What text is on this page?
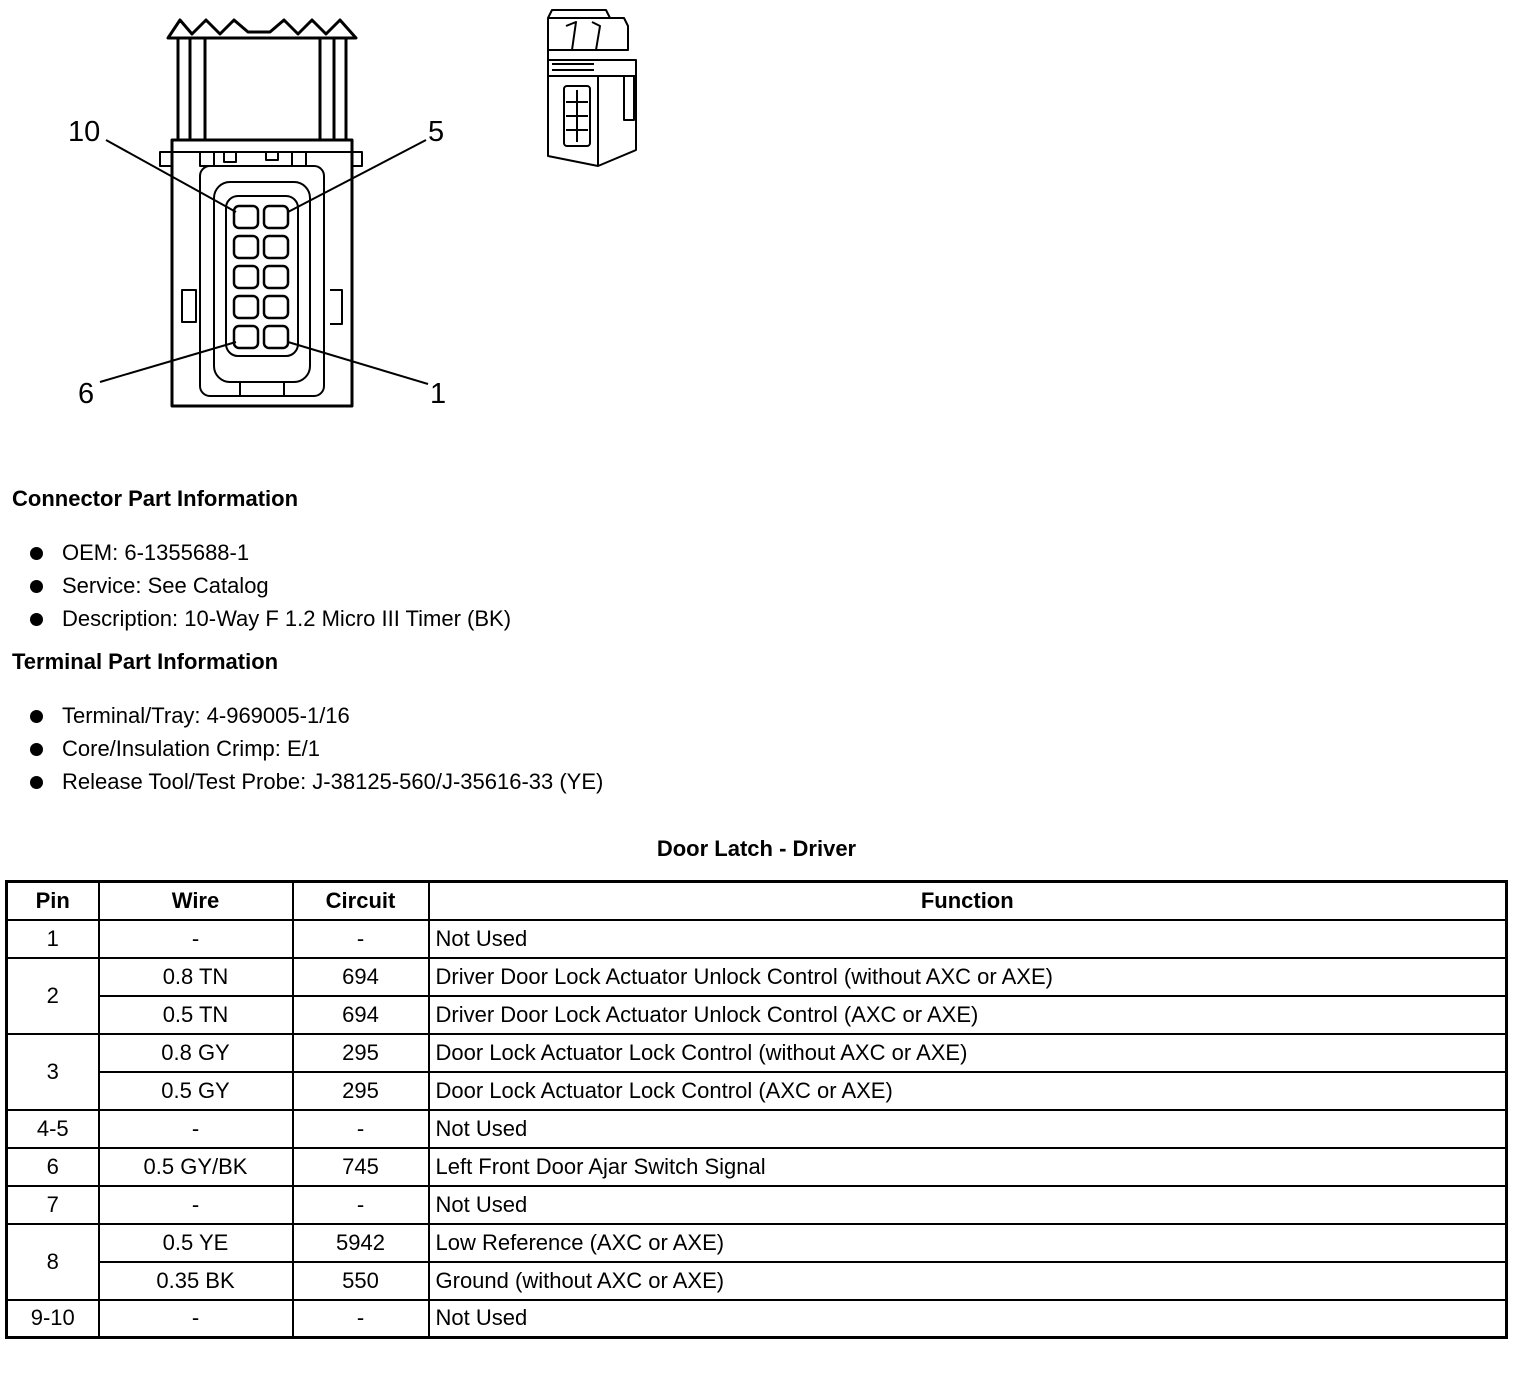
10	5
6	1
Connector Part Information
OEM: 6-1355688-1
Service: See Catalog
Description: 10-Way F 1.2 Micro III Timer (BK)
Terminal Part Information
Terminal/Tray: 4-969005-1/16
Core/Insulation Crimp: E/1
Release Tool/Test Probe: J-38125-560/J-35616-33 (YE)
Door Latch - Driver
Pin	Wire	Circuit	Function
1	-	-	Not Used
2	0.8 TN	694	Driver Door Lock Actuator Unlock Control (without AXC or AXE)
	0.5 TN	694	Driver Door Lock Actuator Unlock Control (AXC or AXE)
3	0.8 GY	295	Door Lock Actuator Lock Control (without AXC or AXE)
	0.5 GY	295	Door Lock Actuator Lock Control (AXC or AXE)
4-5	-	-	Not Used
6	0.5 GY/BK	745	Left Front Door Ajar Switch Signal
7	-	-	Not Used
8	0.5 YE	5942	Low Reference (AXC or AXE)
	0.35 BK	550	Ground (without AXC or AXE)
9-10	-	-	Not Used
